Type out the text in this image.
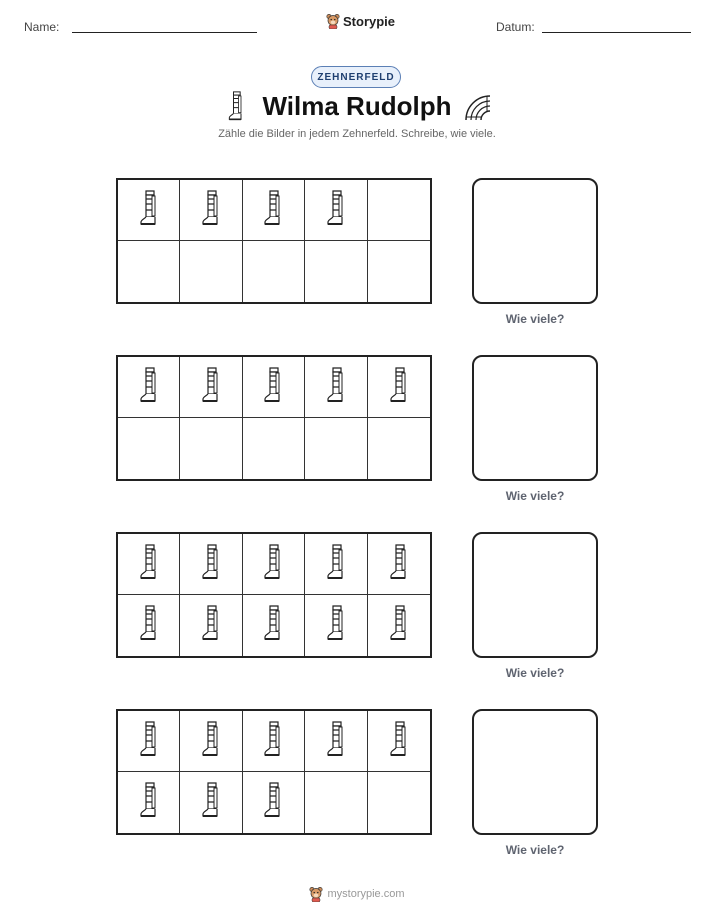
Name:	Storypie	Datum:
ZEHNERFELD
Wilma Rudolph
Zähle die Bilder in jedem Zehnerfeld. Schreibe, wie viele.
Wie viele?
Wie viele?
Wie viele?
Wie viele?
mystorypie.com
